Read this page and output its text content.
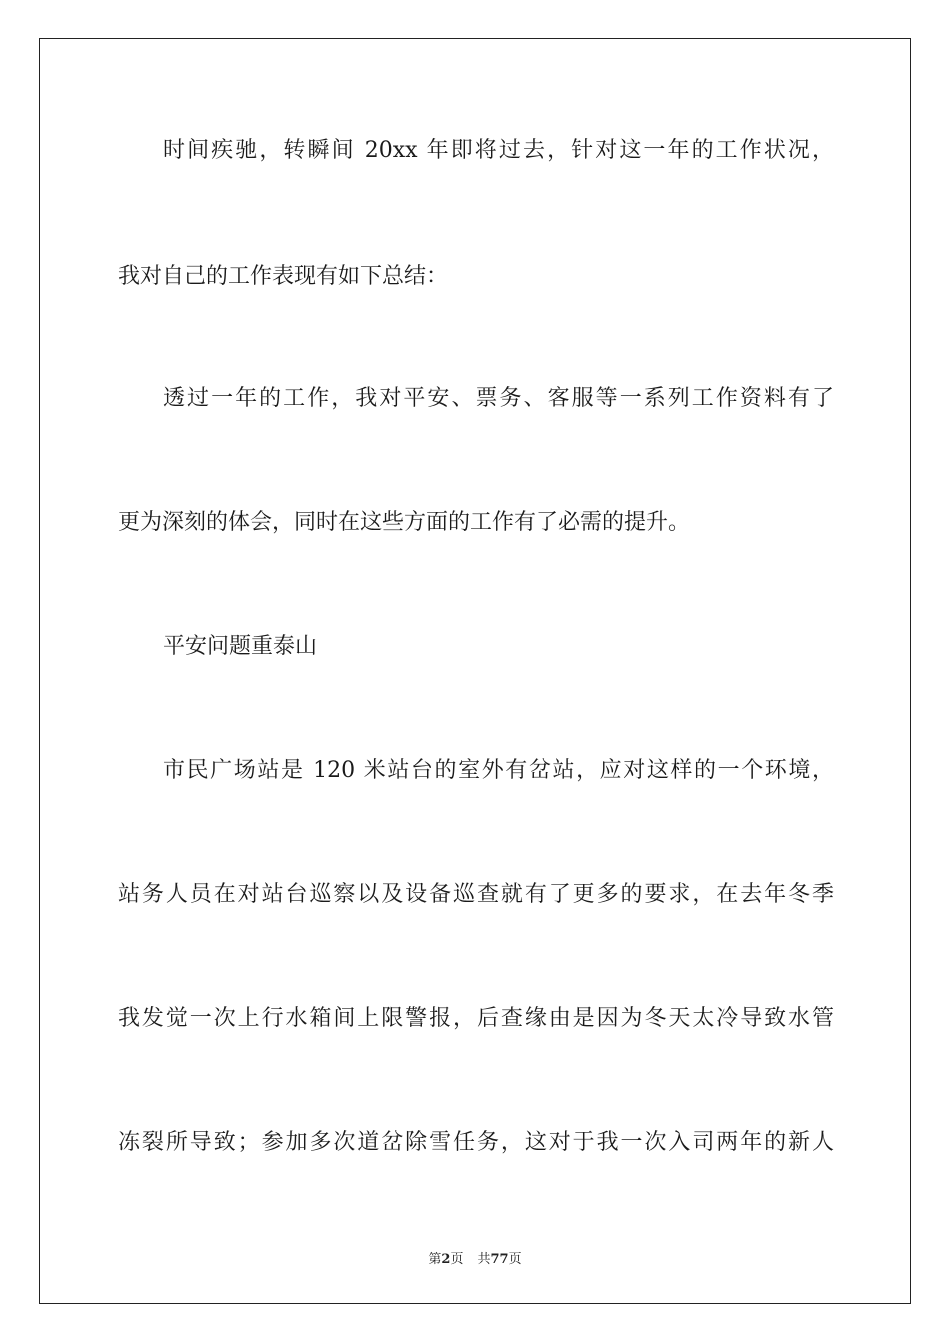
时间疾驰，转瞬间 20xx 年即将过去，针对这一年的工作状况，
我对自己的工作表现有如下总结：
透过一年的工作，我对平安、票务、客服等一系列工作资料有了
更为深刻的体会，同时在这些方面的工作有了必需的提升。
平安问题重泰山
市民广场站是 120 米站台的室外有岔站，应对这样的一个环境，
站务人员在对站台巡察以及设备巡查就有了更多的要求，在去年冬季
我发觉一次上行水箱间上限警报，后查缘由是因为冬天太冷导致水管
冻裂所导致；参加多次道岔除雪任务，这对于我一次入司两年的新人
第2页 共77页
